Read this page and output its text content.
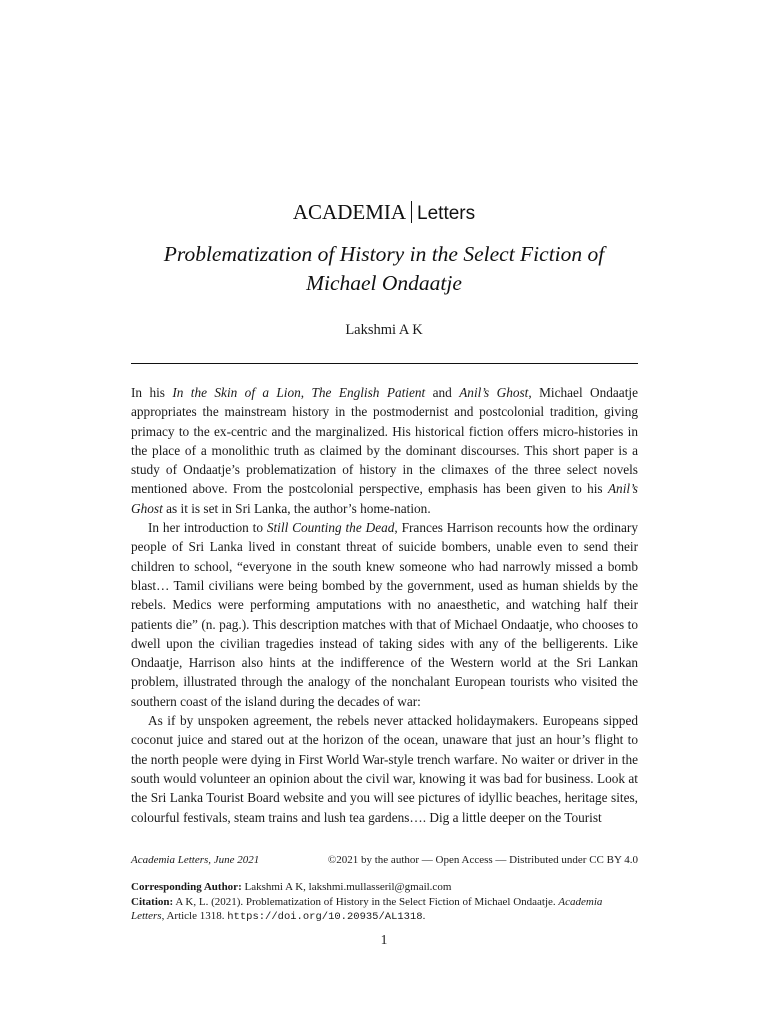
ACADEMIA Letters
Problematization of History in the Select Fiction of
Michael Ondaatje
Lakshmi A K

In his In the Skin of a Lion, The English Patient and Anil’s Ghost, Michael Ondaatje appropriates the mainstream history in the postmodernist and postcolonial tradition, giving primacy to the ex-centric and the marginalized. His historical fiction offers micro-histories in the place of a monolithic truth as claimed by the dominant discourses. This short paper is a study of Ondaatje’s problematization of history in the climaxes of the three select novels mentioned above. From the postcolonial perspective, emphasis has been given to his Anil’s Ghost as it is set in Sri Lanka, the author’s home-nation.

In her introduction to Still Counting the Dead, Frances Harrison recounts how the ordinary people of Sri Lanka lived in constant threat of suicide bombers, unable even to send their children to school, “everyone in the south knew someone who had narrowly missed a bomb blast… Tamil civilians were being bombed by the government, used as human shields by the rebels. Medics were performing amputations with no anaesthetic, and watching half their patients die” (n. pag.). This description matches with that of Michael Ondaatje, who chooses to dwell upon the civilian tragedies instead of taking sides with any of the belligerents. Like Ondaatje, Harrison also hints at the indifference of the Western world at the Sri Lankan problem, illustrated through the analogy of the nonchalant European tourists who visited the southern coast of the island during the decades of war:

As if by unspoken agreement, the rebels never attacked holidaymakers. Europeans sipped coconut juice and stared out at the horizon of the ocean, unaware that just an hour’s flight to the north people were dying in First World War-style trench warfare. No waiter or driver in the south would volunteer an opinion about the civil war, knowing it was bad for business. Look at the Sri Lanka Tourist Board website and you will see pictures of idyllic beaches, heritage sites, colourful festivals, steam trains and lush tea gardens…. Dig a little deeper on the Tourist

Academia Letters, June 2021	©2021 by the author — Open Access — Distributed under CC BY 4.0
Corresponding Author: Lakshmi A K, lakshmi.mullasseril@gmail.com
Citation: A K, L. (2021). Problematization of History in the Select Fiction of Michael Ondaatje. Academia Letters, Article 1318. https://doi.org/10.20935/AL1318.
1
